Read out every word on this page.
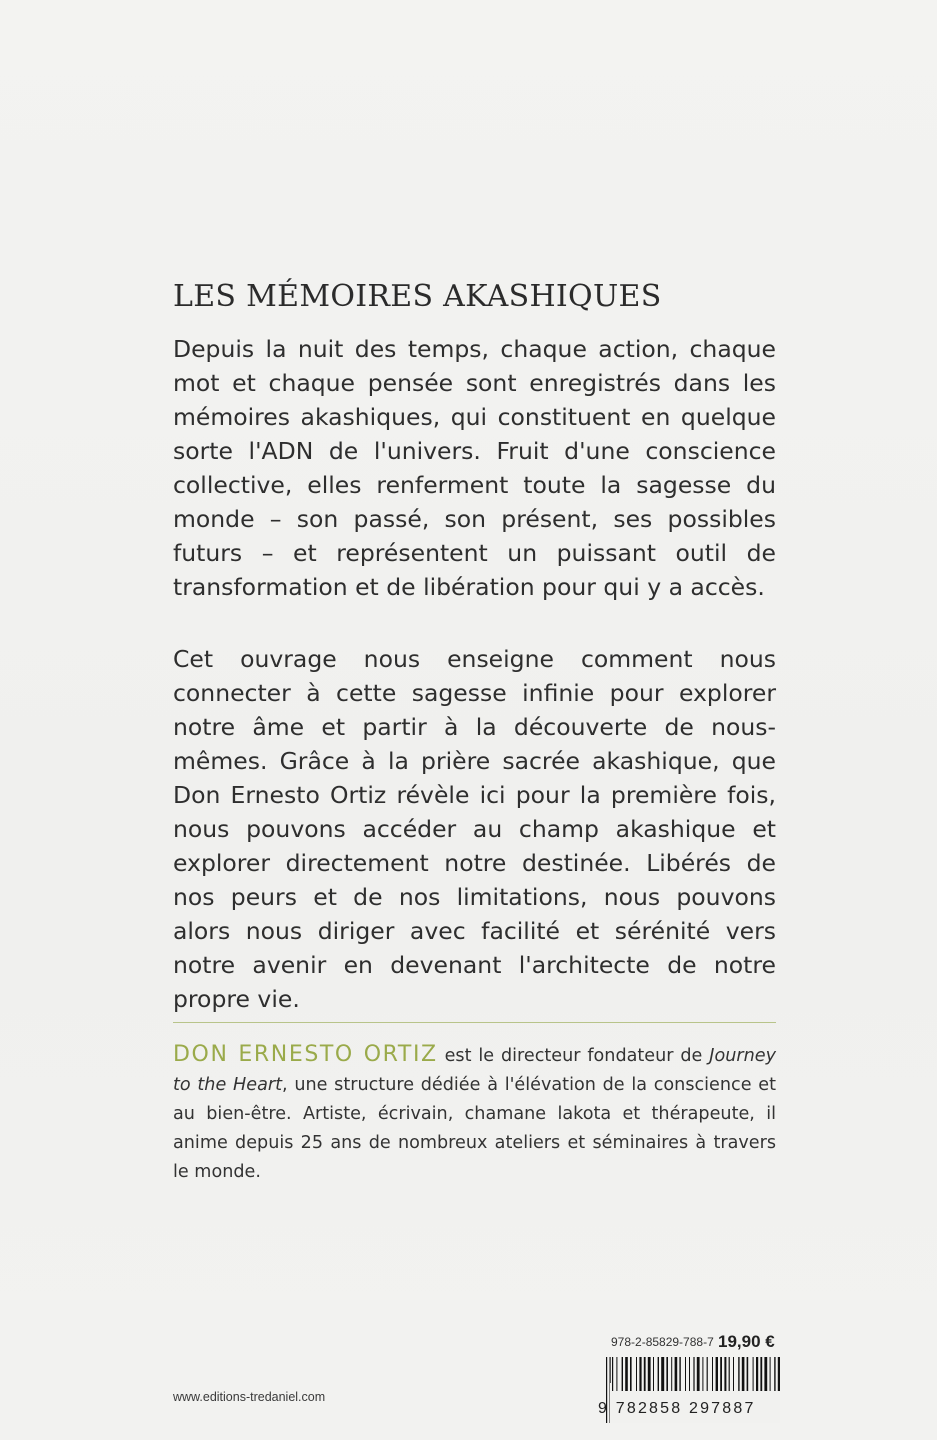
LES MÉMOIRES AKASHIQUES

Depuis la nuit des temps, chaque action, chaque mot et chaque pensée sont enregistrés dans les mémoires akashiques, qui constituent en quelque sorte l'ADN de l'univers. Fruit d'une conscience collective, elles renferment toute la sagesse du monde – son passé, son présent, ses possibles futurs – et représentent un puissant outil de transformation et de libération pour qui y a accès.

Cet ouvrage nous enseigne comment nous connecter à cette sagesse infinie pour explorer notre âme et partir à la découverte de nous-mêmes. Grâce à la prière sacrée akashique, que Don Ernesto Ortiz révèle ici pour la première fois, nous pouvons accéder au champ akashique et explorer directement notre destinée. Libérés de nos peurs et de nos limitations, nous pouvons alors nous diriger avec facilité et sérénité vers notre avenir en devenant l'architecte de notre propre vie.

DON ERNESTO ORTIZ est le directeur fondateur de Journey to the Heart, une structure dédiée à l'élévation de la conscience et au bien-être. Artiste, écrivain, chamane lakota et thérapeute, il anime depuis 25 ans de nombreux ateliers et séminaires à travers le monde.

978-2-85829-788-7 19,90 €

9 782858 297887

www.editions-tredaniel.com
